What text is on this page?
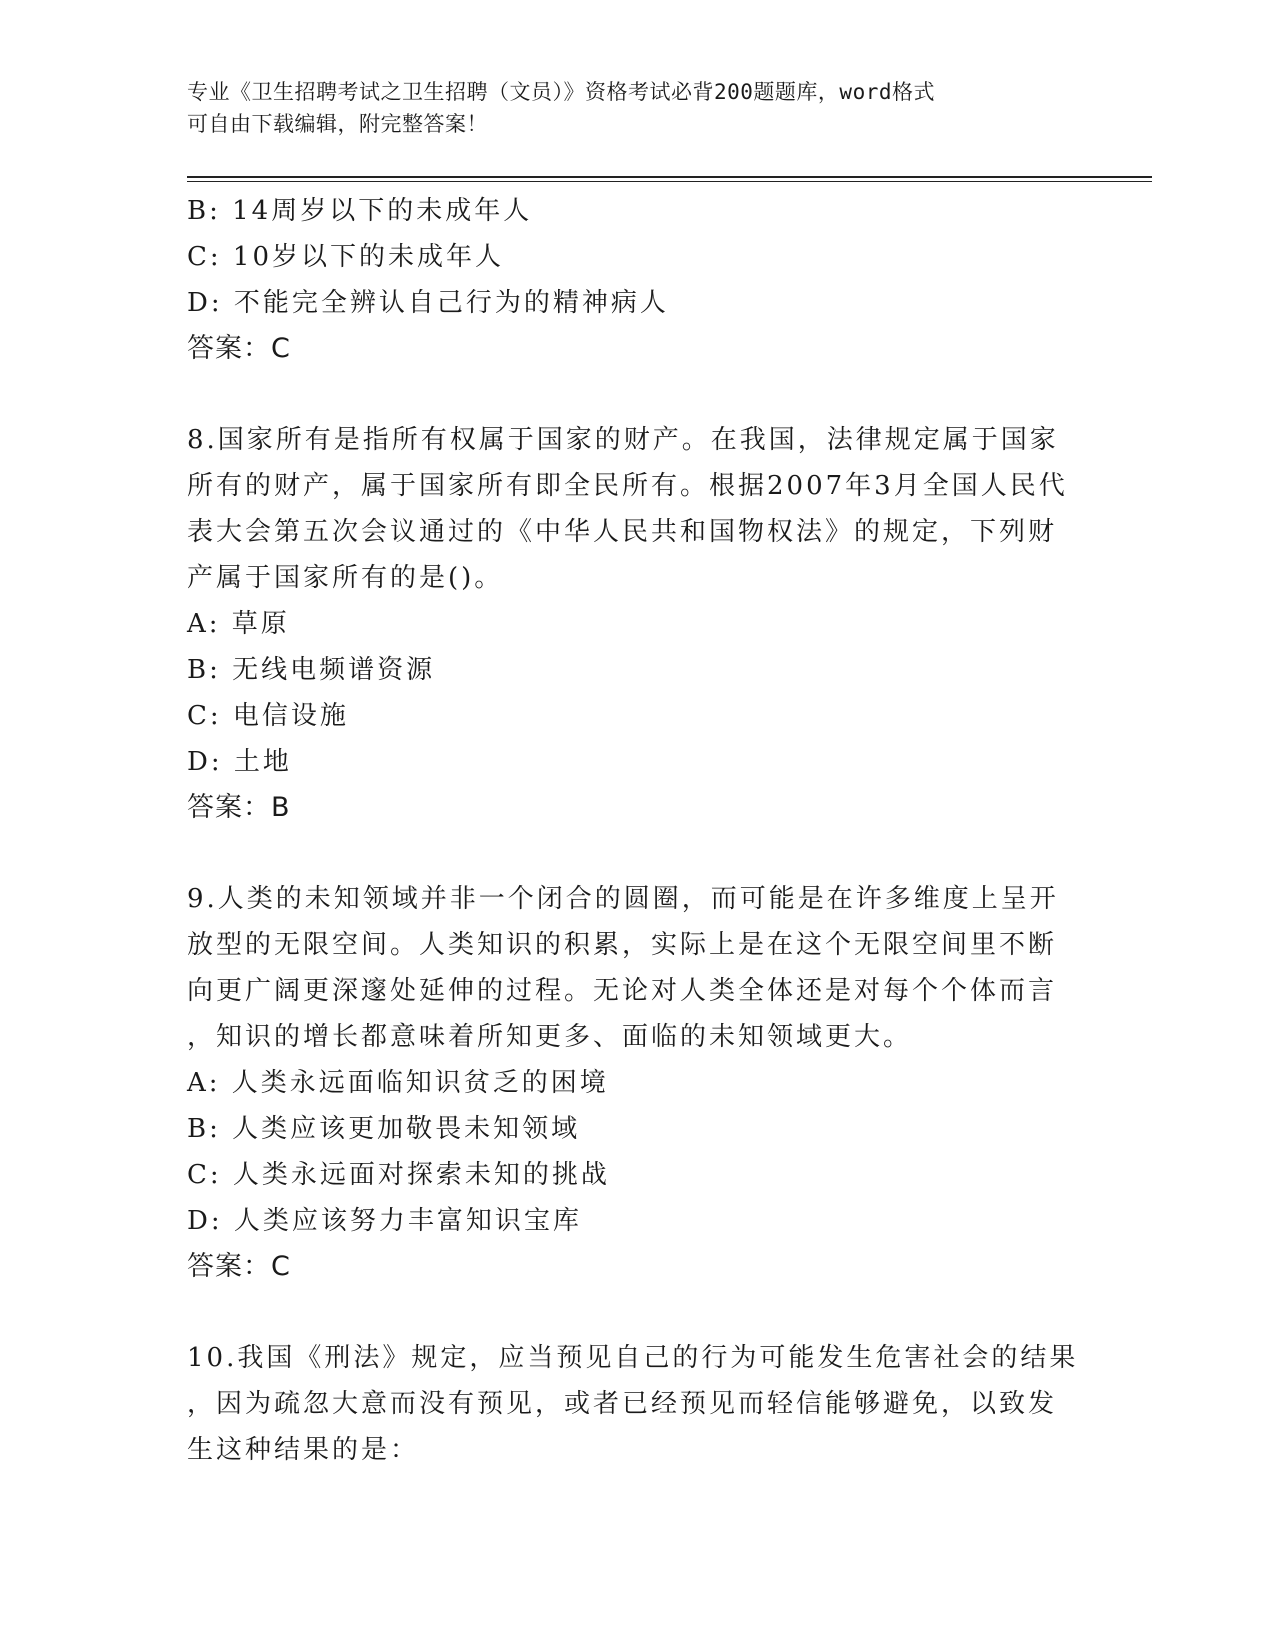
专业《卫生招聘考试之卫生招聘（文员）》资格考试必背200题题库，word格式
可自由下载编辑，附完整答案！

B: 14周岁以下的未成年人

C: 10岁以下的未成年人

D: 不能完全辨认自己行为的精神病人

答案：C

8.国家所有是指所有权属于国家的财产。在我国，法律规定属于国家

所有的财产，属于国家所有即全民所有。根据2007年3月全国人民代

表大会第五次会议通过的《中华人民共和国物权法》的规定，下列财

产属于国家所有的是()。

A: 草原

B: 无线电频谱资源

C: 电信设施

D: 土地

答案：B

9.人类的未知领域并非一个闭合的圆圈，而可能是在许多维度上呈开

放型的无限空间。人类知识的积累，实际上是在这个无限空间里不断

向更广阔更深邃处延伸的过程。无论对人类全体还是对每个个体而言

，知识的增长都意味着所知更多、面临的未知领域更大。

A: 人类永远面临知识贫乏的困境

B: 人类应该更加敬畏未知领域

C: 人类永远面对探索未知的挑战

D: 人类应该努力丰富知识宝库

答案：C

10.我国《刑法》规定，应当预见自己的行为可能发生危害社会的结果

，因为疏忽大意而没有预见，或者已经预见而轻信能够避免，以致发

生这种结果的是：
